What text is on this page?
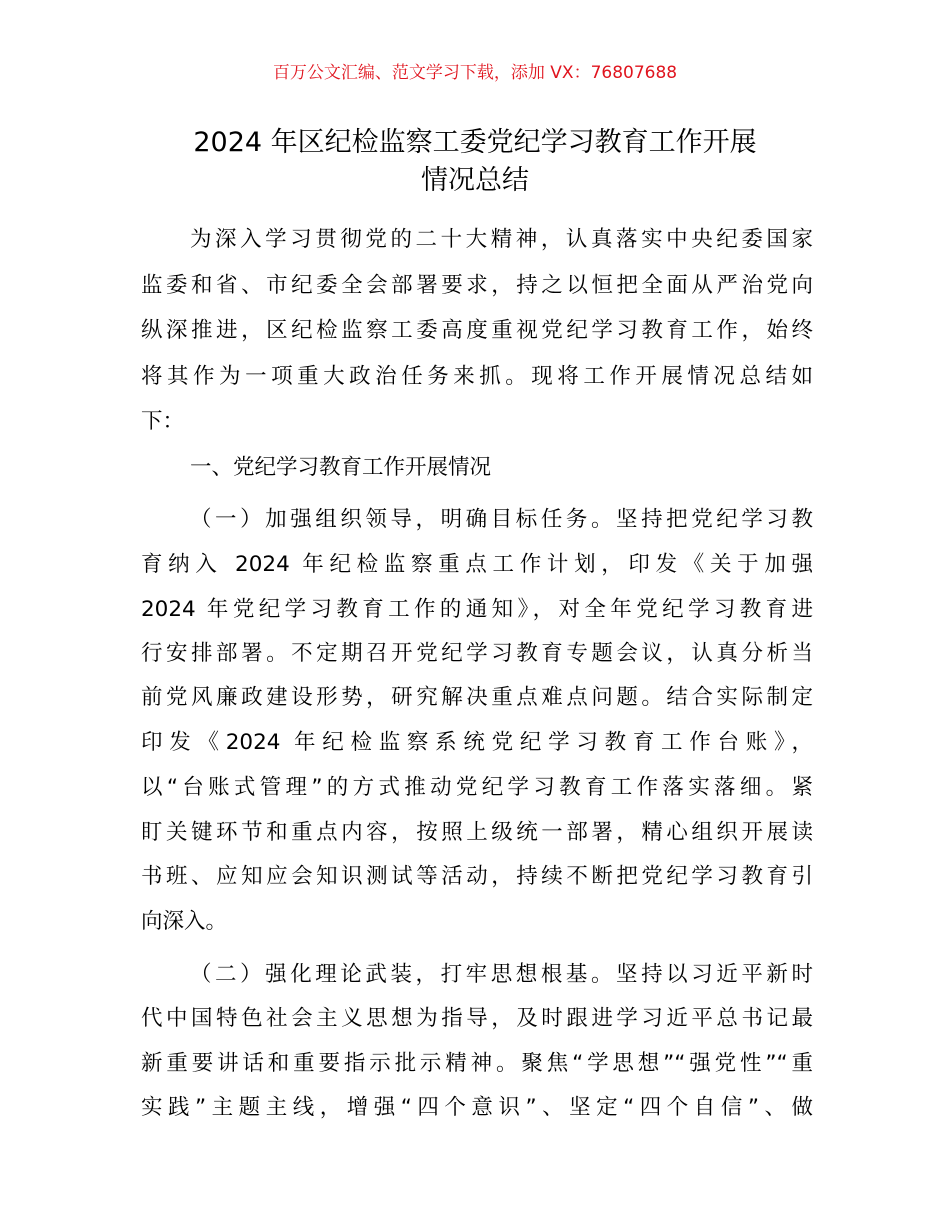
百万公文汇编、范文学习下载，添加 VX：76807688
2024 年区纪检监察工委党纪学习教育工作开展
情况总结
为深入学习贯彻党的二十大精神，认真落实中央纪委国家
监委和省、市纪委全会部署要求，持之以恒把全面从严治党向
纵深推进，区纪检监察工委高度重视党纪学习教育工作，始终
将其作为一项重大政治任务来抓。现将工作开展情况总结如
下：
一、党纪学习教育工作开展情况
（一）加强组织领导，明确目标任务。坚持把党纪学习教
育纳入 2024 年纪检监察重点工作计划，印发《关于加强
2024 年党纪学习教育工作的通知》，对全年党纪学习教育进
行安排部署。不定期召开党纪学习教育专题会议，认真分析当
前党风廉政建设形势，研究解决重点难点问题。结合实际制定
印发《2024 年纪检监察系统党纪学习教育工作台账》，
以“台账式管理”的方式推动党纪学习教育工作落实落细。紧
盯关键环节和重点内容，按照上级统一部署，精心组织开展读
书班、应知应会知识测试等活动，持续不断把党纪学习教育引
向深入。
（二）强化理论武装，打牢思想根基。坚持以习近平新时
代中国特色社会主义思想为指导，及时跟进学习近平总书记最
新重要讲话和重要指示批示精神。聚焦“学思想”“强党性”“重
实践”主题主线，增强“四个意识”、坚定“四个自信”、做
